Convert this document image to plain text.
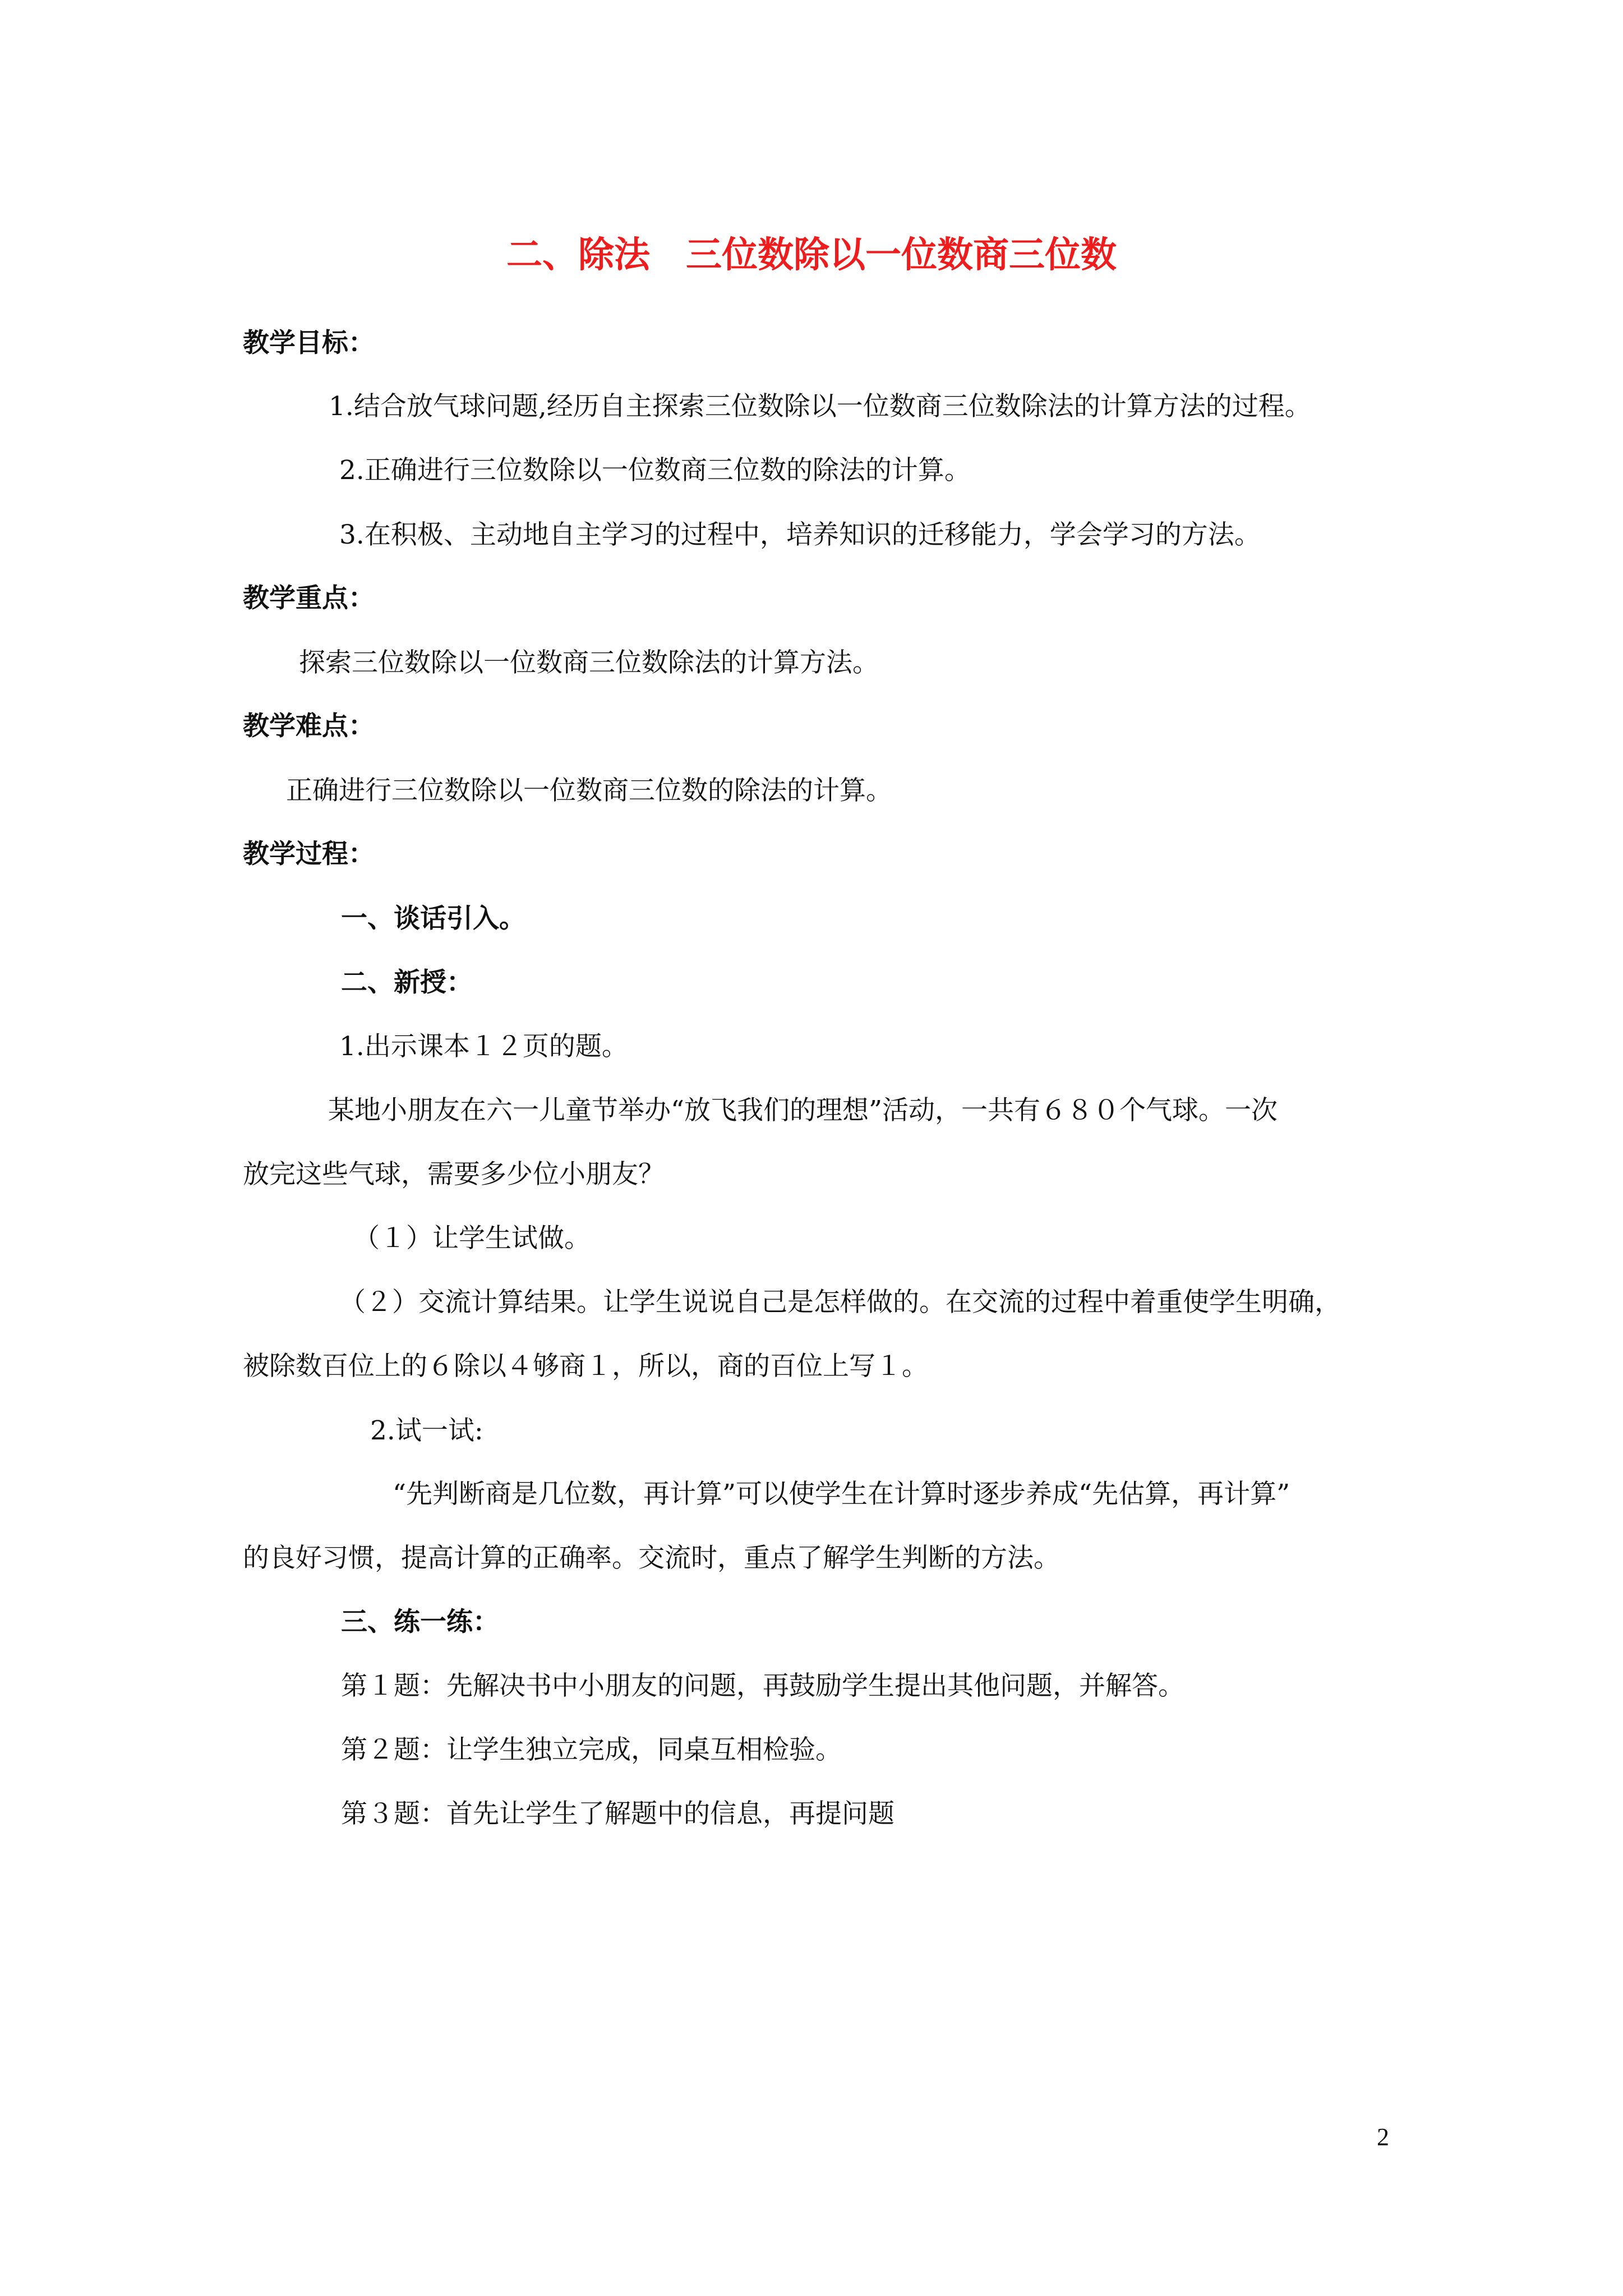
二、除法　三位数除以一位数商三位数
教学目标：
1.结合放气球问题,经历自主探索三位数除以一位数商三位数除法的计算方法的过程。
2.正确进行三位数除以一位数商三位数的除法的计算。
3.在积极、主动地自主学习的过程中，培养知识的迁移能力，学会学习的方法。
教学重点：
探索三位数除以一位数商三位数除法的计算方法。
教学难点：
正确进行三位数除以一位数商三位数的除法的计算。
教学过程：
一、谈话引入。
二、新授：
1.出示课本１２页的题。
某地小朋友在六一儿童节举办“放飞我们的理想”活动，一共有６８０个气球。一次
放完这些气球，需要多少位小朋友？
（１）让学生试做。
（２）交流计算结果。让学生说说自己是怎样做的。在交流的过程中着重使学生明确，
被除数百位上的６除以４够商１，所以，商的百位上写１。
2.试一试:
“先判断商是几位数，再计算”可以使学生在计算时逐步养成“先估算，再计算”
的良好习惯，提高计算的正确率。交流时，重点了解学生判断的方法。
三、练一练：
第１题：先解决书中小朋友的问题，再鼓励学生提出其他问题，并解答。
第２题：让学生独立完成，同桌互相检验。
第３题：首先让学生了解题中的信息，再提问题
2
